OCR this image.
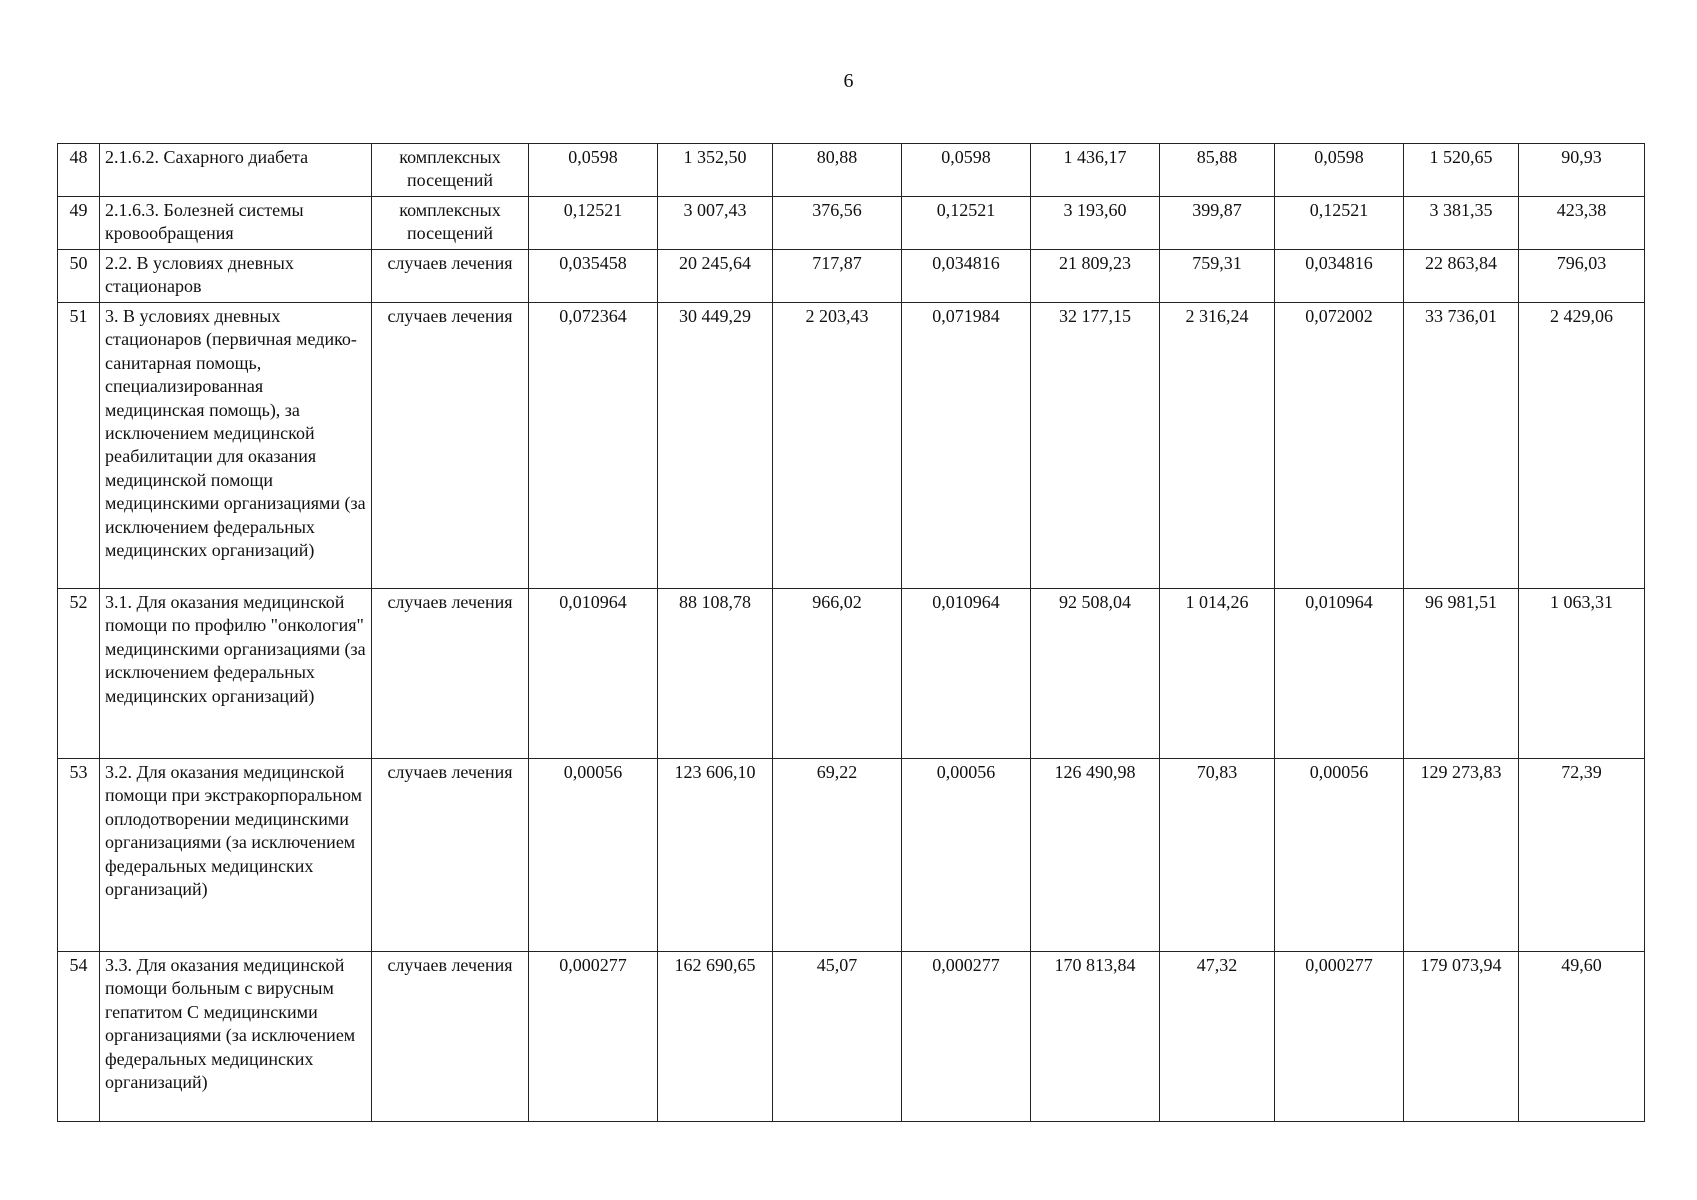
6
48	2.1.6.2. Сахарного диабета	комплексных посещений	0,0598	1 352,50	80,88	0,0598	1 436,17	85,88	0,0598	1 520,65	90,93
49	2.1.6.3. Болезней системы кровообращения	комплексных посещений	0,12521	3 007,43	376,56	0,12521	3 193,60	399,87	0,12521	3 381,35	423,38
50	2.2. В условиях дневных стационаров	случаев лечения	0,035458	20 245,64	717,87	0,034816	21 809,23	759,31	0,034816	22 863,84	796,03
51	3. В условиях дневных стационаров (первичная медико-санитарная помощь, специализированная медицинская помощь), за исключением медицинской реабилитации для оказания медицинской помощи медицинскими организациями (за исключением федеральных медицинских организаций)	случаев лечения	0,072364	30 449,29	2 203,43	0,071984	32 177,15	2 316,24	0,072002	33 736,01	2 429,06
52	3.1. Для оказания медицинской помощи по профилю "онкология" медицинскими организациями (за исключением федеральных медицинских организаций)	случаев лечения	0,010964	88 108,78	966,02	0,010964	92 508,04	1 014,26	0,010964	96 981,51	1 063,31
53	3.2. Для оказания медицинской помощи при экстракорпоральном оплодотворении медицинскими организациями (за исключением федеральных медицинских организаций)	случаев лечения	0,00056	123 606,10	69,22	0,00056	126 490,98	70,83	0,00056	129 273,83	72,39
54	3.3. Для оказания медицинской помощи больным с вирусным гепатитом С медицинскими организациями (за исключением федеральных медицинских организаций)	случаев лечения	0,000277	162 690,65	45,07	0,000277	170 813,84	47,32	0,000277	179 073,94	49,60
